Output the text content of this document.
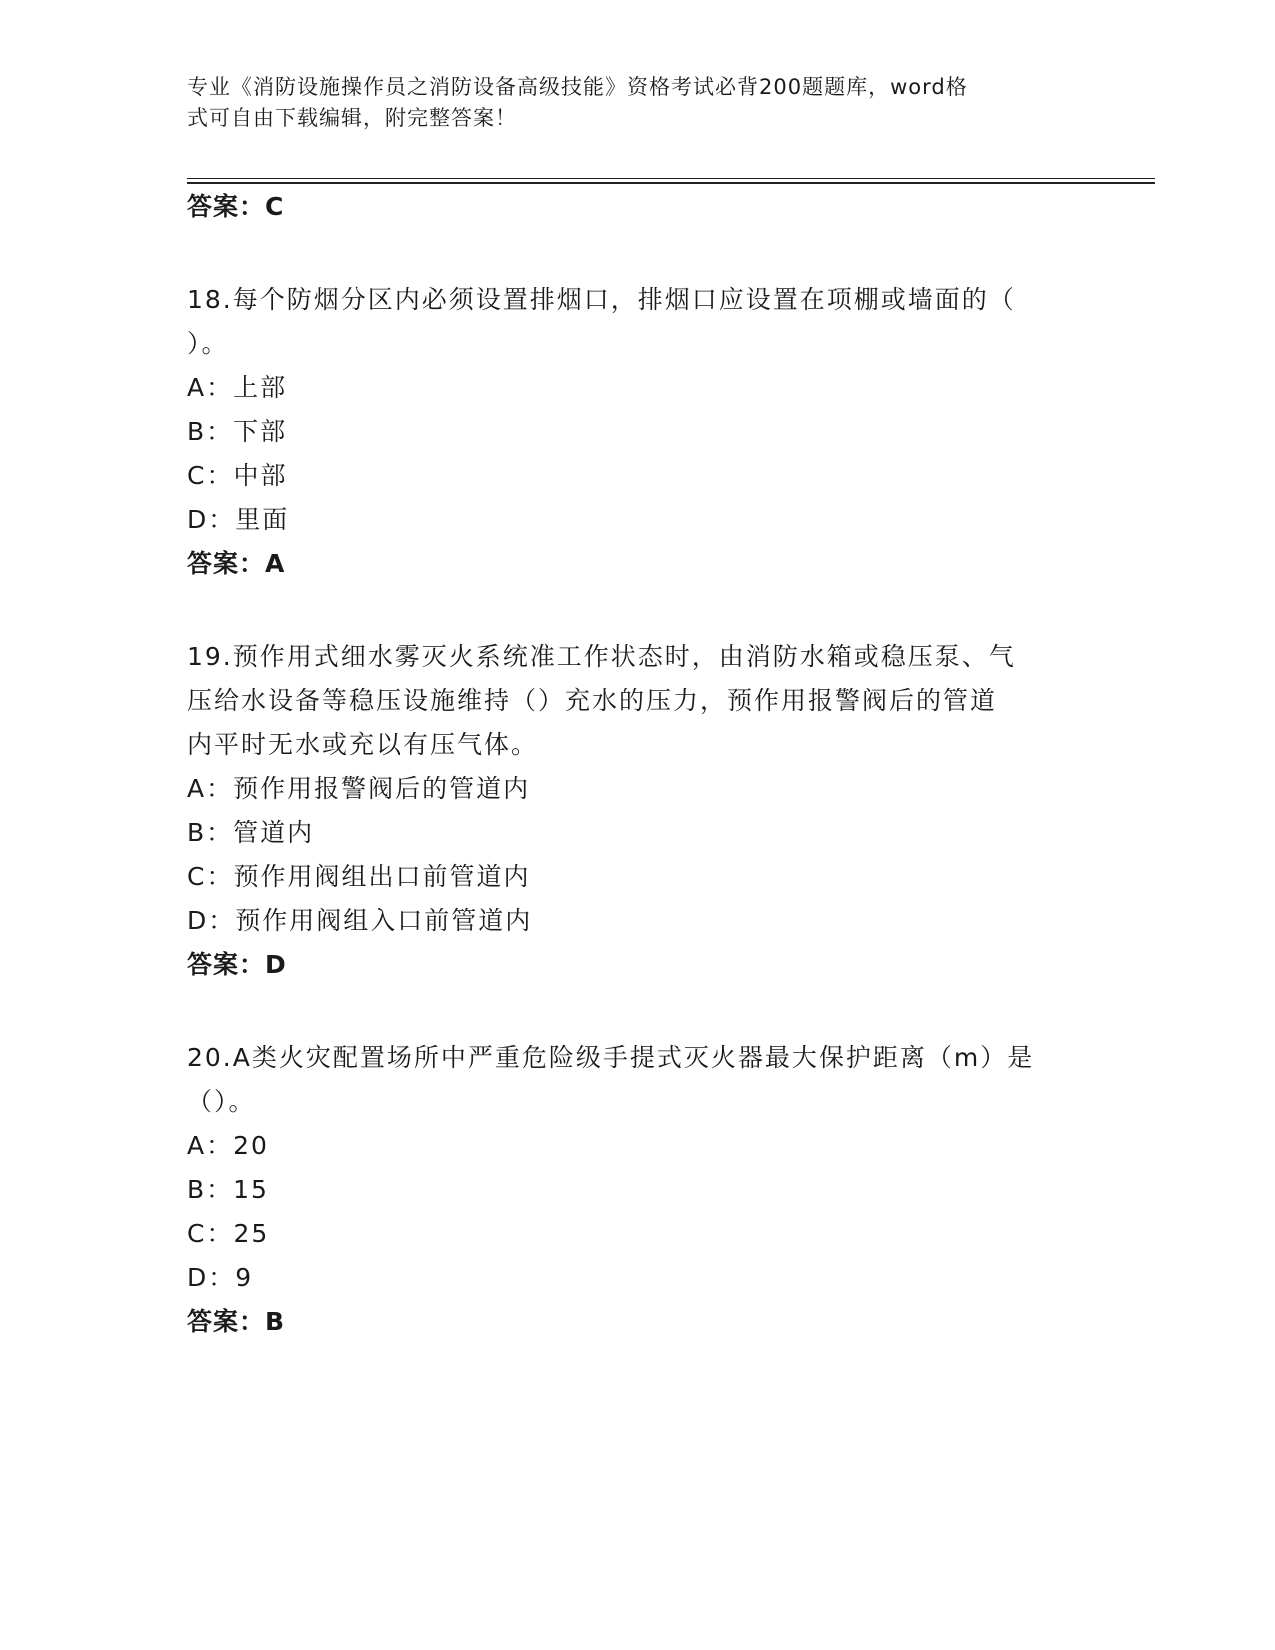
专业《消防设施操作员之消防设备高级技能》资格考试必背200题题库，word格
式可自由下载编辑，附完整答案！
答案：C
18.每个防烟分区内必须设置排烟口，排烟口应设置在项棚或墙面的（
）。
A：上部
B：下部
C：中部
D：里面
答案：A
19.预作用式细水雾灭火系统准工作状态时，由消防水箱或稳压泵、气
压给水设备等稳压设施维持（）充水的压力，预作用报警阀后的管道
内平时无水或充以有压气体。
A：预作用报警阀后的管道内
B：管道内
C：预作用阀组出口前管道内
D：预作用阀组入口前管道内
答案：D
20.A类火灾配置场所中严重危险级手提式灭火器最大保护距离（m）是
（）。
A：20
B：15
C：25
D：9
答案：B
